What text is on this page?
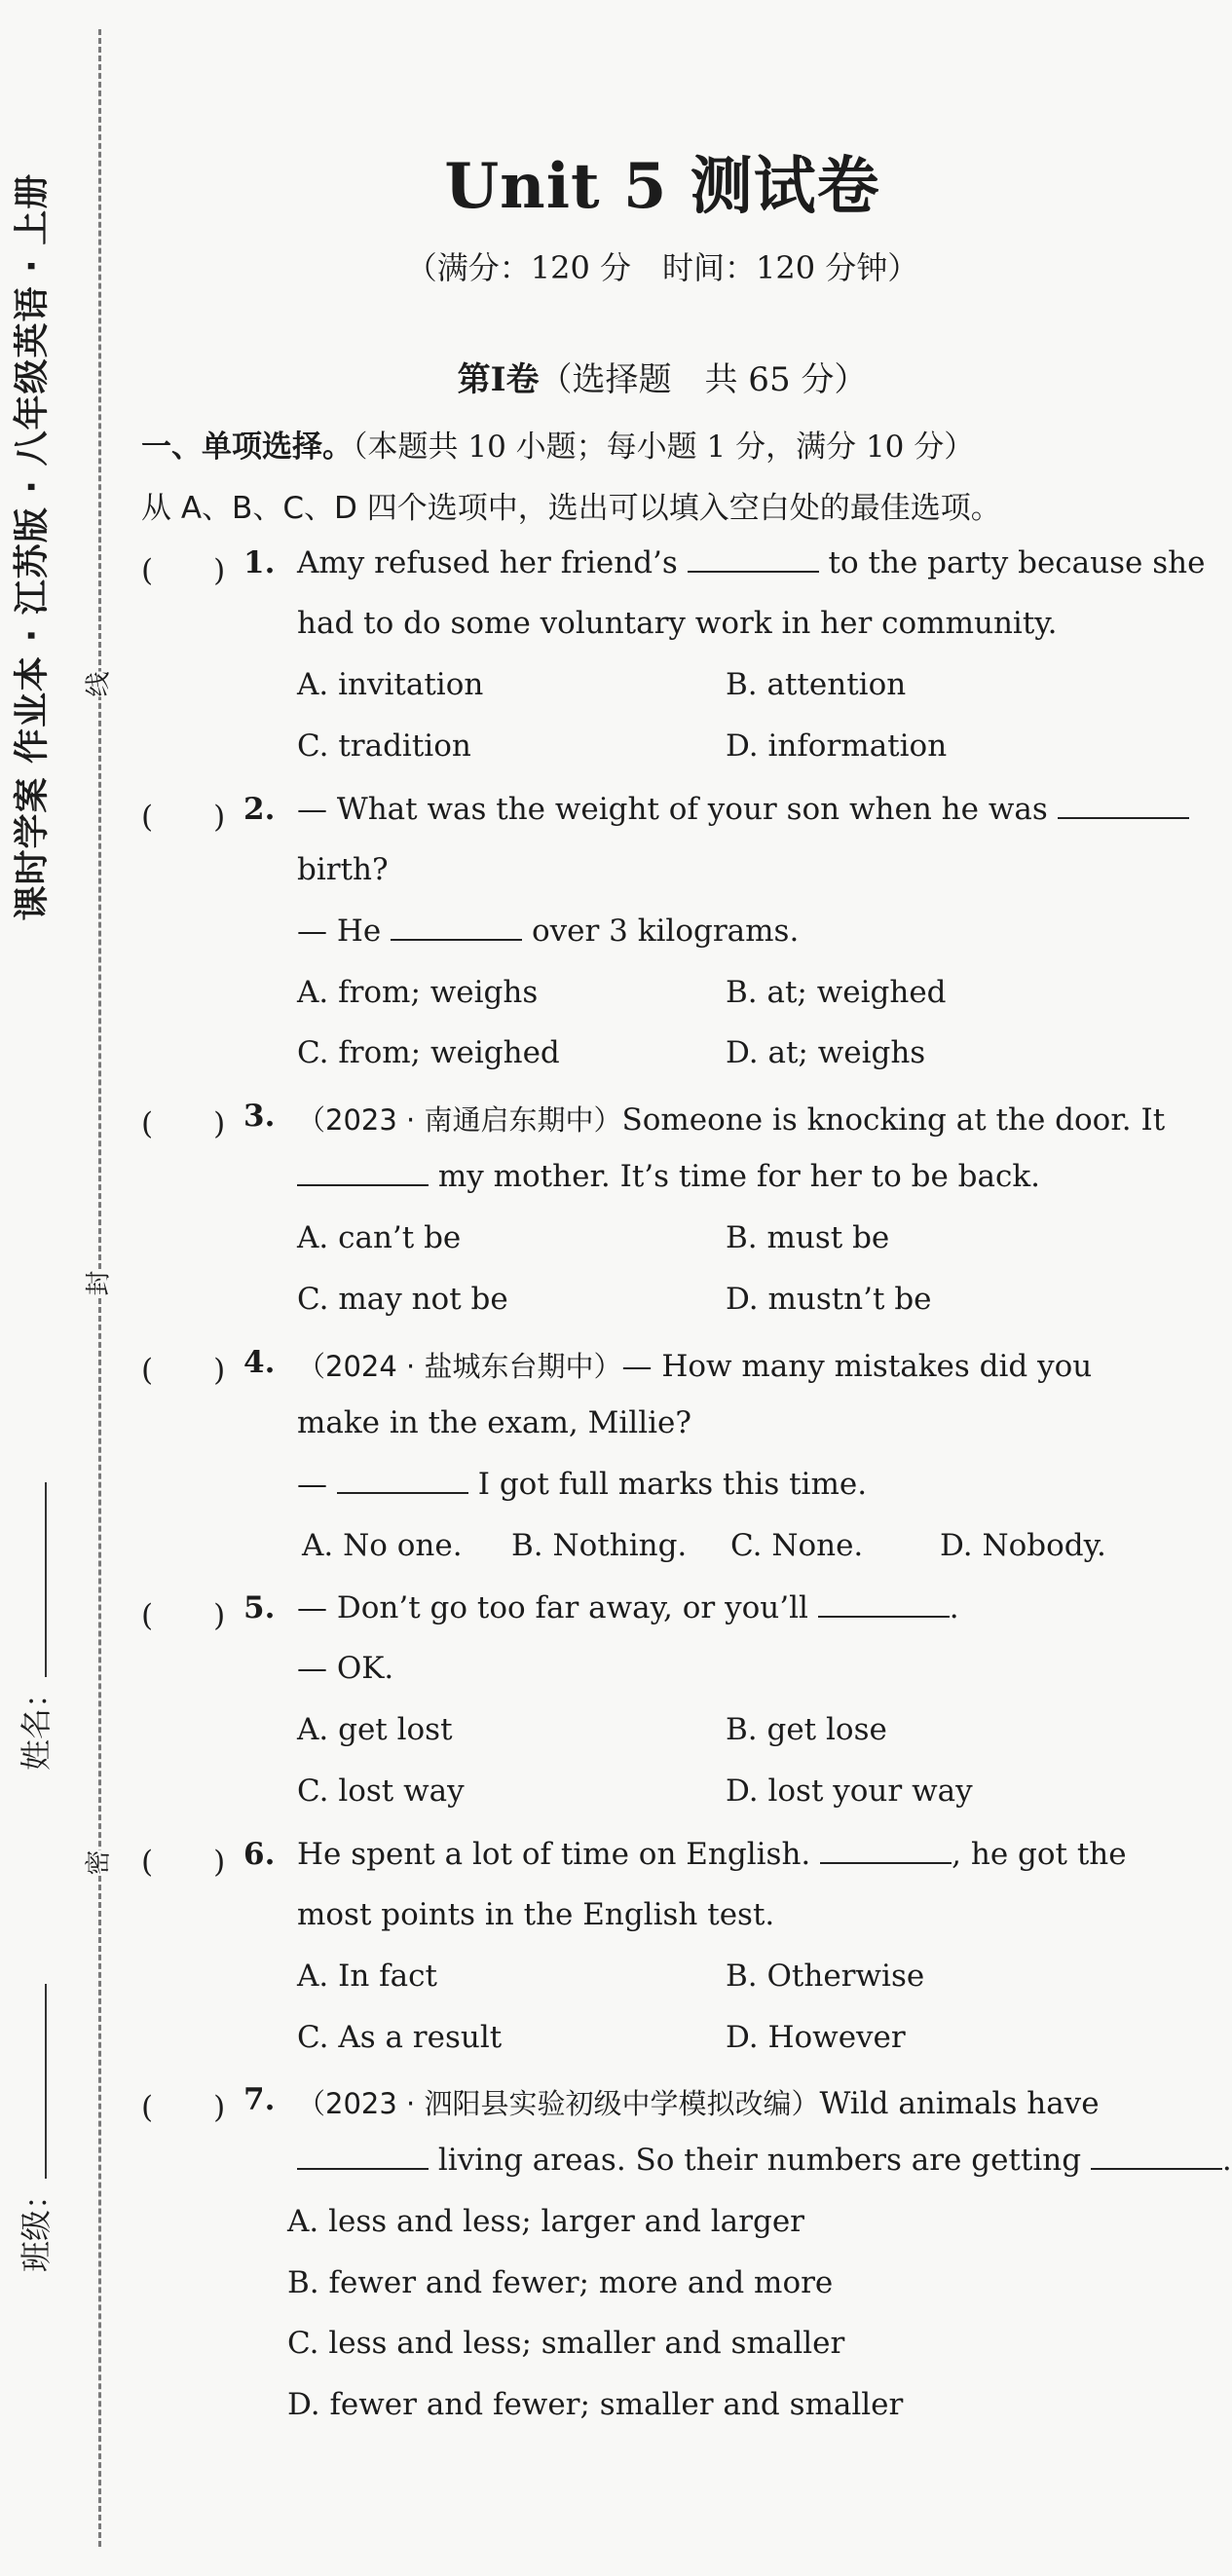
课时学案 作业本 · 江苏版 · 八年级英语 · 上册	线
封
密
姓名：
班级：
Unit 5 测试卷
（满分：120 分　时间：120 分钟）
第Ⅰ卷（选择题　共 65 分）
一、单项选择。（本题共 10 小题；每小题 1 分，满分 10 分）
从 A、B、C、D 四个选项中，选出可以填入空白处的最佳选项。
(　　) 1. Amy refused her friend’s	to the party because she
had to do some voluntary work in her community.
A. invitation	B. attention
C. tradition	D. information
(　　) 2. — What was the weight of your son when he was
birth?
— He	over 3 kilograms.
A. from; weighs	B. at; weighed
C. from; weighed	D. at; weighs
(　　) 3. （2023 · 南通启东期中）Someone is knocking at the door. It
my mother. It’s time for her to be back.
A. can’t be	B. must be
C. may not be	D. mustn’t be
(　　) 4. （2024 · 盐城东台期中）— How many mistakes did you
make in the exam, Millie?
—	I got full marks this time.
A. No one. B. Nothing. C. None.	D. Nobody.
(　　) 5. — Don’t go too far away, or you’ll	.
— OK.
A. get lost	B. get lose
C. lost way	D. lost your way
(　　) 6. He spent a lot of time on English.	, he got the
most points in the English test.
A. In fact	B. Otherwise
C. As a result	D. However
(　　) 7. （2023 · 泗阳县实验初级中学模拟改编）Wild animals have
living areas. So their numbers are getting	.
A. less and less; larger and larger
B. fewer and fewer; more and more
C. less and less; smaller and smaller
D. fewer and fewer; smaller and smaller
